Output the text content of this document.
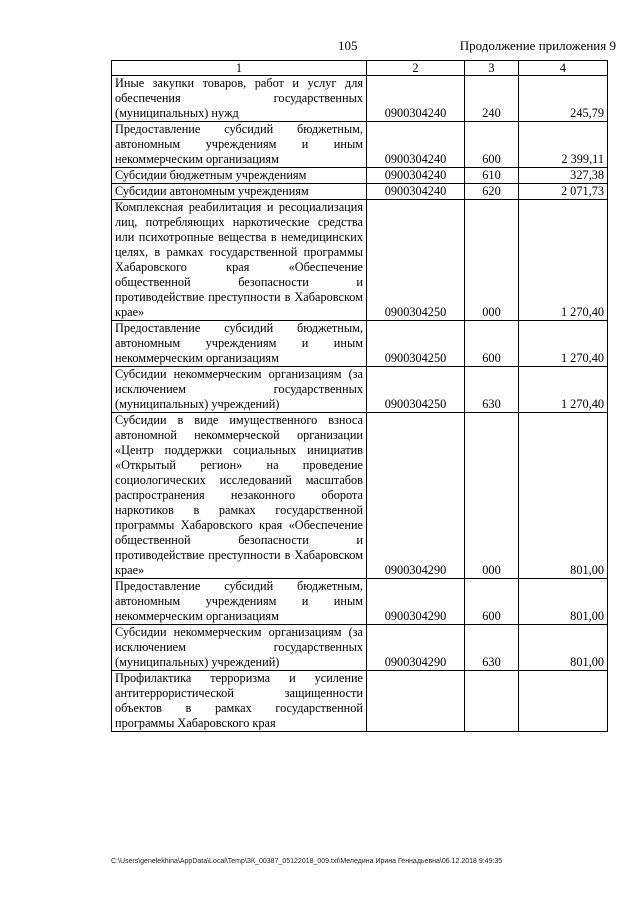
105	Продолжение приложения 9
1	2	3	4
Иные закупки товаров, работ и услуг для обеспечения государственных (муниципальных) нужд	0900304240	240	245,79
Предоставление субсидий бюджетным, автономным учреждениям и иным некоммерческим организациям	0900304240	600	2 399,11
Субсидии бюджетным учреждениям	0900304240	610	327,38
Субсидии автономным учреждениям	0900304240	620	2 071,73
Комплексная реабилитация и ресоциализация лиц, потребляющих наркотические средства или психотропные вещества в немедицинских целях, в рамках государственной программы Хабаровского края «Обеспечение общественной безопасности и противодействие преступности в Хабаровском крае»	0900304250	000	1 270,40
Предоставление субсидий бюджетным, автономным учреждениям и иным некоммерческим организациям	0900304250	600	1 270,40
Субсидии некоммерческим организациям (за исключением государственных (муниципальных) учреждений)	0900304250	630	1 270,40
Субсидии в виде имущественного взноса автономной некоммерческой организации «Центр поддержки социальных инициатив «Открытый регион» на проведение социологических исследований масштабов распространения незаконного оборота наркотиков в рамках государственной программы Хабаровского края «Обеспечение общественной безопасности и противодействие преступности в Хабаровском крае»	0900304290	000	801,00
Предоставление субсидий бюджетным, автономным учреждениям и иным некоммерческим организациям	0900304290	600	801,00
Субсидии некоммерческим организациям (за исключением государственных (муниципальных) учреждений)	0900304290	630	801,00
Профилактика терроризма и усиление антитеррористической защищенности объектов в рамках государственной программы Хабаровского края			
C:\Users\genelekhina\AppData\Local\Temp\ЗК_00387_05122018_009.txt\Меледина Ирина Геннадьевна\06.12.2018 9:49:35
